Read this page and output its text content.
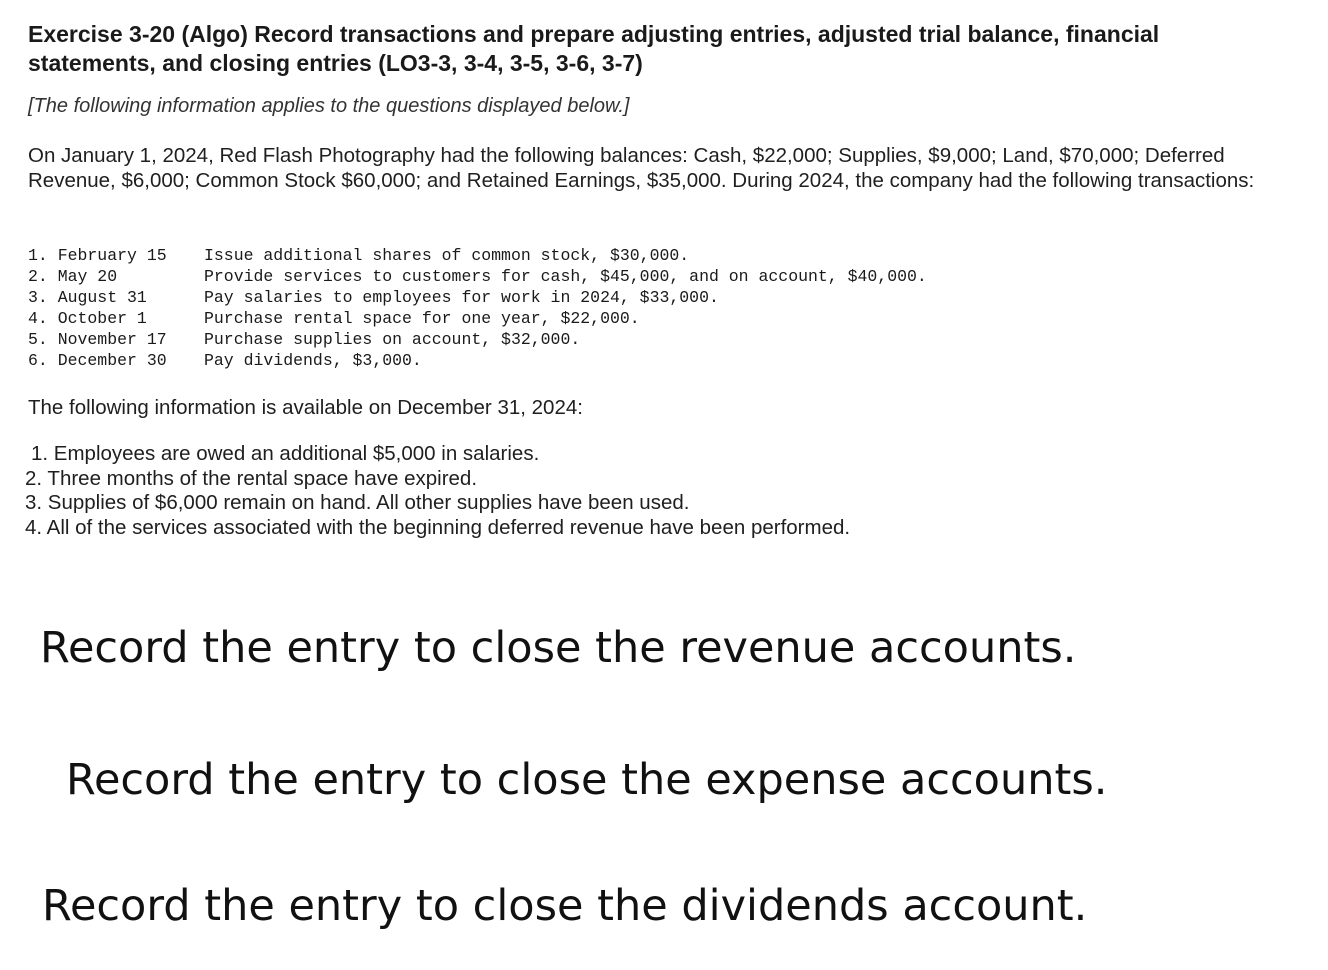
Exercise 3-20 (Algo) Record transactions and prepare adjusting entries, adjusted trial balance, financial statements, and closing entries (LO3-3, 3-4, 3-5, 3-6, 3-7)

[The following information applies to the questions displayed below.]

On January 1, 2024, Red Flash Photography had the following balances: Cash, $22,000; Supplies, $9,000; Land, $70,000; Deferred Revenue, $6,000; Common Stock $60,000; and Retained Earnings, $35,000. During 2024, the company had the following transactions:

1. February 15	Issue additional shares of common stock, $30,000.
2. May 20	Provide services to customers for cash, $45,000, and on account, $40,000.
3. August 31	Pay salaries to employees for work in 2024, $33,000.
4. October 1	Purchase rental space for one year, $22,000.
5. November 17	Purchase supplies on account, $32,000.
6. December 30	Pay dividends, $3,000.

The following information is available on December 31, 2024:

1. Employees are owed an additional $5,000 in salaries.
2. Three months of the rental space have expired.
3. Supplies of $6,000 remain on hand. All other supplies have been used.
4. All of the services associated with the beginning deferred revenue have been performed.

Record the entry to close the revenue accounts.

Record the entry to close the expense accounts.

Record the entry to close the dividends account.
